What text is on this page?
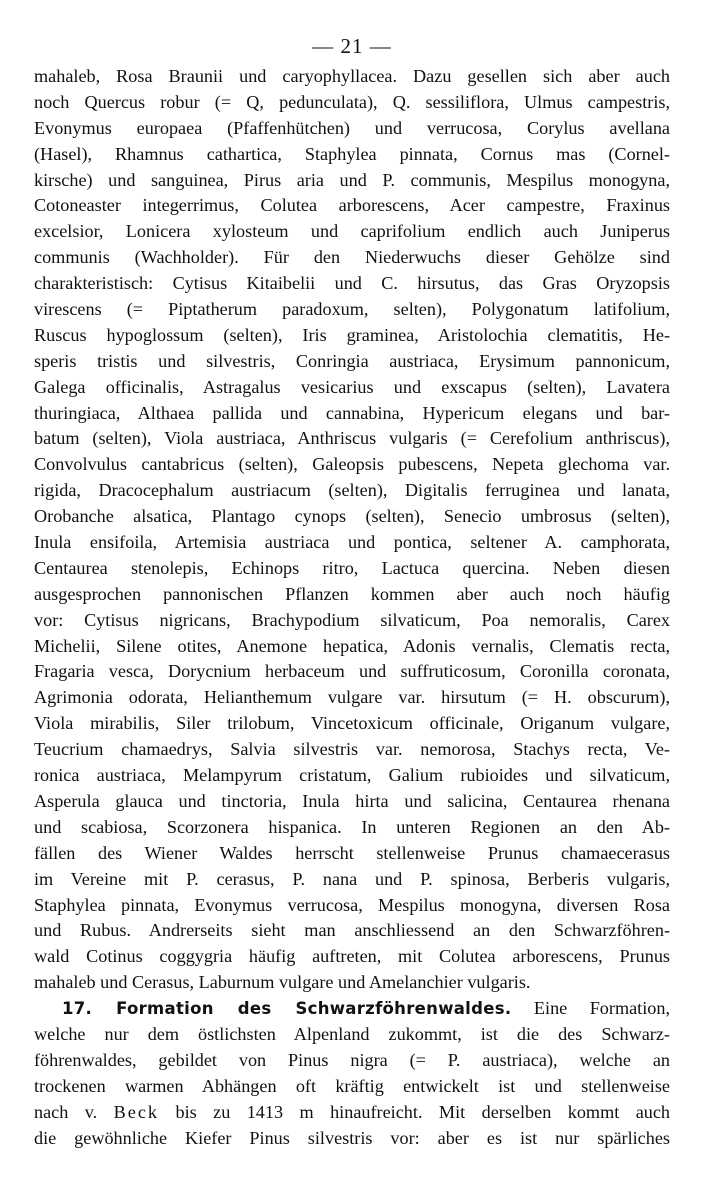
— 21 —
mahaleb, Rosa Braunii und caryophyllacea. Dazu gesellen sich aber auch
noch Quercus robur (= Q, pedunculata), Q. sessiliflora, Ulmus campestris,
Evonymus europaea (Pfaffenhütchen) und verrucosa, Corylus avellana
(Hasel), Rhamnus cathartica, Staphylea pinnata, Cornus mas (Cornel-
kirsche) und sanguinea, Pirus aria und P. communis, Mespilus monogyna,
Cotoneaster integerrimus, Colutea arborescens, Acer campestre, Fraxinus
excelsior, Lonicera xylosteum und caprifolium endlich auch Juniperus
communis (Wachholder). Für den Niederwuchs dieser Gehölze sind
charakteristisch: Cytisus Kitaibelii und C. hirsutus, das Gras Oryzopsis
virescens (= Piptatherum paradoxum, selten), Polygonatum latifolium,
Ruscus hypoglossum (selten), Iris graminea, Aristolochia clematitis, He-
speris tristis und silvestris, Conringia austriaca, Erysimum pannonicum,
Galega officinalis, Astragalus vesicarius und exscapus (selten), Lavatera
thuringiaca, Althaea pallida und cannabina, Hypericum elegans und bar-
batum (selten), Viola austriaca, Anthriscus vulgaris (= Cerefolium anthriscus),
Convolvulus cantabricus (selten), Galeopsis pubescens, Nepeta glechoma var.
rigida, Dracocephalum austriacum (selten), Digitalis ferruginea und lanata,
Orobanche alsatica, Plantago cynops (selten), Senecio umbrosus (selten),
Inula ensifoila, Artemisia austriaca und pontica, seltener A. camphorata,
Centaurea stenolepis, Echinops ritro, Lactuca quercina. Neben diesen
ausgesprochen pannonischen Pflanzen kommen aber auch noch häufig
vor: Cytisus nigricans, Brachypodium silvaticum, Poa nemoralis, Carex
Michelii, Silene otites, Anemone hepatica, Adonis vernalis, Clematis recta,
Fragaria vesca, Dorycnium herbaceum und suffruticosum, Coronilla coronata,
Agrimonia odorata, Helianthemum vulgare var. hirsutum (= H. obscurum),
Viola mirabilis, Siler trilobum, Vincetoxicum officinale, Origanum vulgare,
Teucrium chamaedrys, Salvia silvestris var. nemorosa, Stachys recta, Ve-
ronica austriaca, Melampyrum cristatum, Galium rubioides und silvaticum,
Asperula glauca und tinctoria, Inula hirta und salicina, Centaurea rhenana
und scabiosa, Scorzonera hispanica. In unteren Regionen an den Ab-
fällen des Wiener Waldes herrscht stellenweise Prunus chamaecerasus
im Vereine mit P. cerasus, P. nana und P. spinosa, Berberis vulgaris,
Staphylea pinnata, Evonymus verrucosa, Mespilus monogyna, diversen Rosa
und Rubus. Andrerseits sieht man anschliessend an den Schwarzföhren-
wald Cotinus coggygria häufig auftreten, mit Colutea arborescens, Prunus
mahaleb und Cerasus, Laburnum vulgare und Amelanchier vulgaris.
17. Formation des Schwarzföhrenwaldes. Eine Formation,
welche nur dem östlichsten Alpenland zukommt, ist die des Schwarz-
föhrenwaldes, gebildet von Pinus nigra (= P. austriaca), welche an
trockenen warmen Abhängen oft kräftig entwickelt ist und stellenweise
nach v. Beck bis zu 1413 m hinaufreicht. Mit derselben kommt auch
die gewöhnliche Kiefer Pinus silvestris vor: aber es ist nur spärliches
